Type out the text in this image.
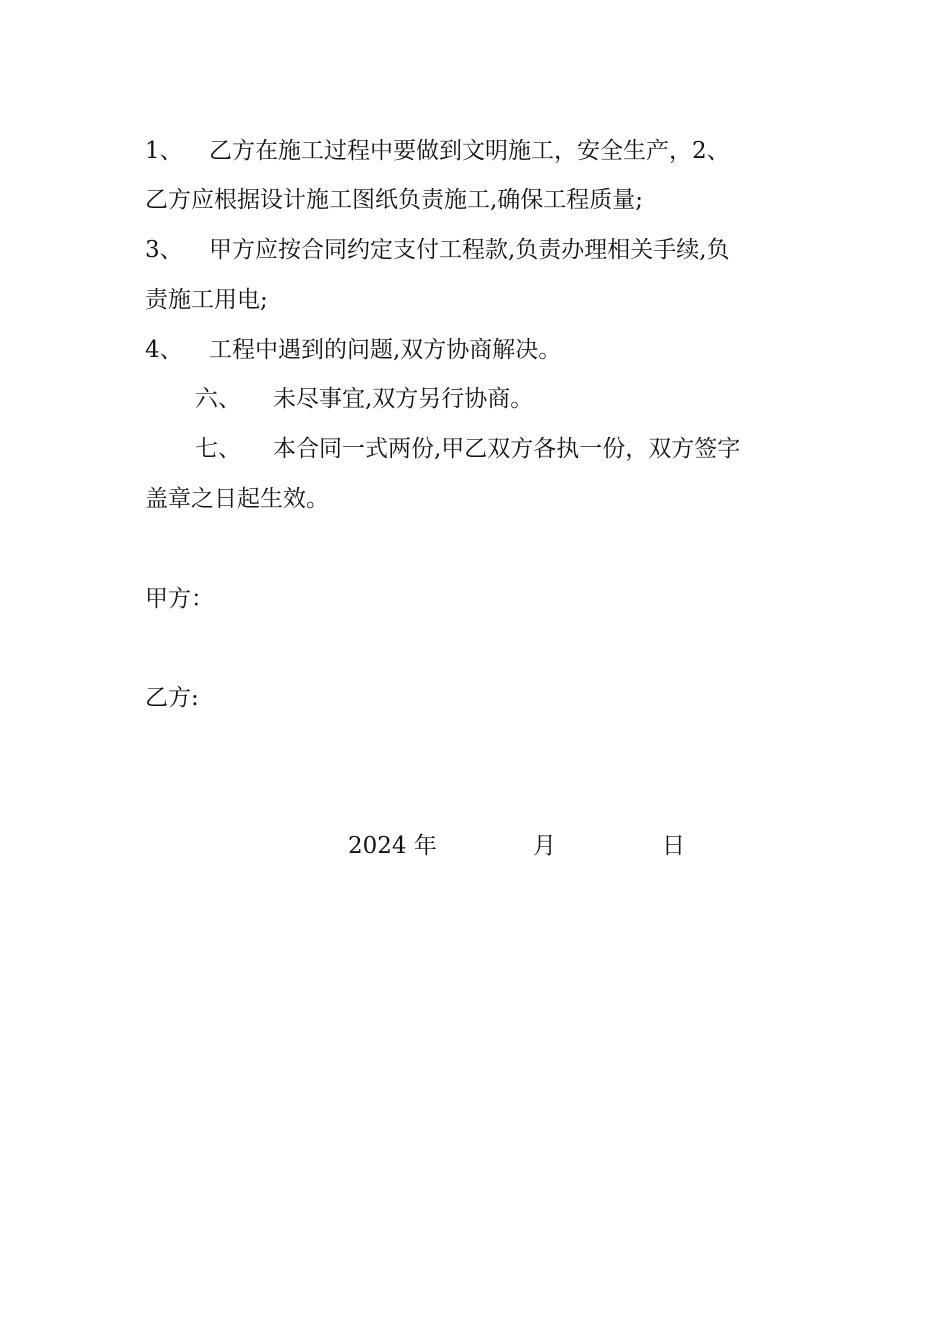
1、 乙方在施工过程中要做到文明施工，安全生产，2、
乙方应根据设计施工图纸负责施工,确保工程质量;
3、 甲方应按合同约定支付工程款,负责办理相关手续,负
责施工用电;
4、 工程中遇到的问题,双方协商解决。
六、 未尽事宜,双方另行协商。
七、 本合同一式两份,甲乙双方各执一份，双方签字
盖章之日起生效。
甲方：
乙方:
2024 年	月	日
